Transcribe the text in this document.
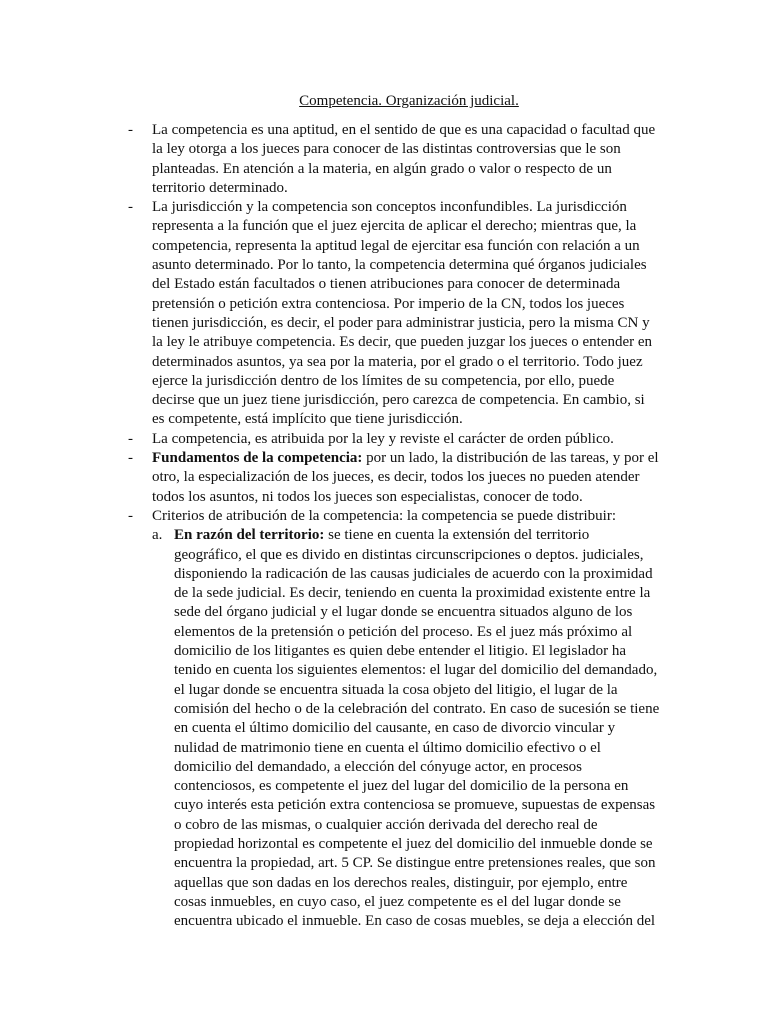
Competencia. Organización judicial.
- La competencia es una aptitud, en el sentido de que es una capacidad o facultad que la ley otorga a los jueces para conocer de las distintas controversias que le son planteadas. En atención a la materia, en algún grado o valor o respecto de un territorio determinado.
- La jurisdicción y la competencia son conceptos inconfundibles. La jurisdicción representa a la función que el juez ejercita de aplicar el derecho; mientras que, la competencia, representa la aptitud legal de ejercitar esa función con relación a un asunto determinado. Por lo tanto, la competencia determina qué órganos judiciales del Estado están facultados o tienen atribuciones para conocer de determinada pretensión o petición extra contenciosa. Por imperio de la CN, todos los jueces tienen jurisdicción, es decir, el poder para administrar justicia, pero la misma CN y la ley le atribuye competencia. Es decir, que pueden juzgar los jueces o entender en determinados asuntos, ya sea por la materia, por el grado o el territorio. Todo juez ejerce la jurisdicción dentro de los límites de su competencia, por ello, puede decirse que un juez tiene jurisdicción, pero carezca de competencia. En cambio, si es competente, está implícito que tiene jurisdicción.
- La competencia, es atribuida por la ley y reviste el carácter de orden público.
- Fundamentos de la competencia: por un lado, la distribución de las tareas, y por el otro, la especialización de los jueces, es decir, todos los jueces no pueden atender todos los asuntos, ni todos los jueces son especialistas, conocer de todo.
- Criterios de atribución de la competencia: la competencia se puede distribuir:
a. En razón del territorio: se tiene en cuenta la extensión del territorio geográfico, el que es divido en distintas circunscripciones o deptos. judiciales, disponiendo la radicación de las causas judiciales de acuerdo con la proximidad de la sede judicial. Es decir, teniendo en cuenta la proximidad existente entre la sede del órgano judicial y el lugar donde se encuentra situados alguno de los elementos de la pretensión o petición del proceso. Es el juez más próximo al domicilio de los litigantes es quien debe entender el litigio. El legislador ha tenido en cuenta los siguientes elementos: el lugar del domicilio del demandado, el lugar donde se encuentra situada la cosa objeto del litigio, el lugar de la comisión del hecho o de la celebración del contrato. En caso de sucesión se tiene en cuenta el último domicilio del causante, en caso de divorcio vincular y nulidad de matrimonio tiene en cuenta el último domicilio efectivo o el domicilio del demandado, a elección del cónyuge actor, en procesos contenciosos, es competente el juez del lugar del domicilio de la persona en cuyo interés esta petición extra contenciosa se promueve, supuestas de expensas o cobro de las mismas, o cualquier acción derivada del derecho real de propiedad horizontal es competente el juez del domicilio del inmueble donde se encuentra la propiedad, art. 5 CP. Se distingue entre pretensiones reales, que son aquellas que son dadas en los derechos reales, distinguir, por ejemplo, entre cosas inmuebles, en cuyo caso, el juez competente es el del lugar donde se encuentra ubicado el inmueble. En caso de cosas muebles, se deja a elección del
